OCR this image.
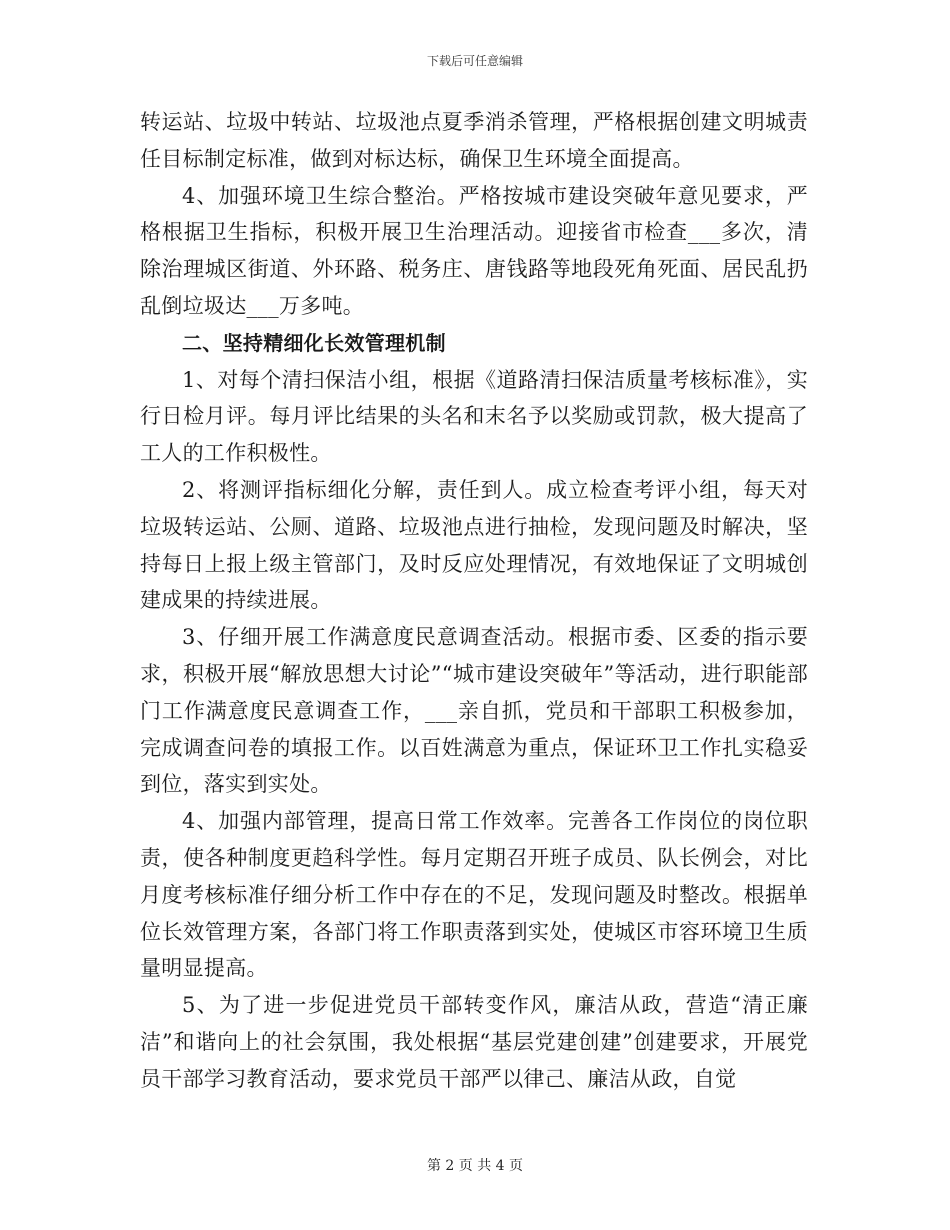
下载后可任意编辑

转运站、垃圾中转站、垃圾池点夏季消杀管理，严格根据创建文明城责任目标制定标准，做到对标达标，确保卫生环境全面提高。

4、加强环境卫生综合整治。严格按城市建设突破年意见要求，严格根据卫生指标，积极开展卫生治理活动。迎接省市检查___多次，清除治理城区街道、外环路、税务庄、唐钱路等地段死角死面、居民乱扔乱倒垃圾达___万多吨。

二、坚持精细化长效管理机制

1、对每个清扫保洁小组，根据《道路清扫保洁质量考核标准》，实行日检月评。每月评比结果的头名和末名予以奖励或罚款，极大提高了工人的工作积极性。

2、将测评指标细化分解，责任到人。成立检查考评小组，每天对垃圾转运站、公厕、道路、垃圾池点进行抽检，发现问题及时解决，坚持每日上报上级主管部门，及时反应处理情况，有效地保证了文明城创建成果的持续进展。

3、仔细开展工作满意度民意调查活动。根据市委、区委的指示要求，积极开展“解放思想大讨论”“城市建设突破年”等活动，进行职能部门工作满意度民意调查工作，___亲自抓，党员和干部职工积极参加，完成调查问卷的填报工作。以百姓满意为重点，保证环卫工作扎实稳妥到位，落实到实处。

4、加强内部管理，提高日常工作效率。完善各工作岗位的岗位职责，使各种制度更趋科学性。每月定期召开班子成员、队长例会，对比月度考核标准仔细分析工作中存在的不足，发现问题及时整改。根据单位长效管理方案，各部门将工作职责落到实处，使城区市容环境卫生质量明显提高。

5、为了进一步促进党员干部转变作风，廉洁从政，营造“清正廉洁”和谐向上的社会氛围，我处根据“基层党建创建”创建要求，开展党员干部学习教育活动，要求党员干部严以律己、廉洁从政，自觉

第 2 页 共 4 页
